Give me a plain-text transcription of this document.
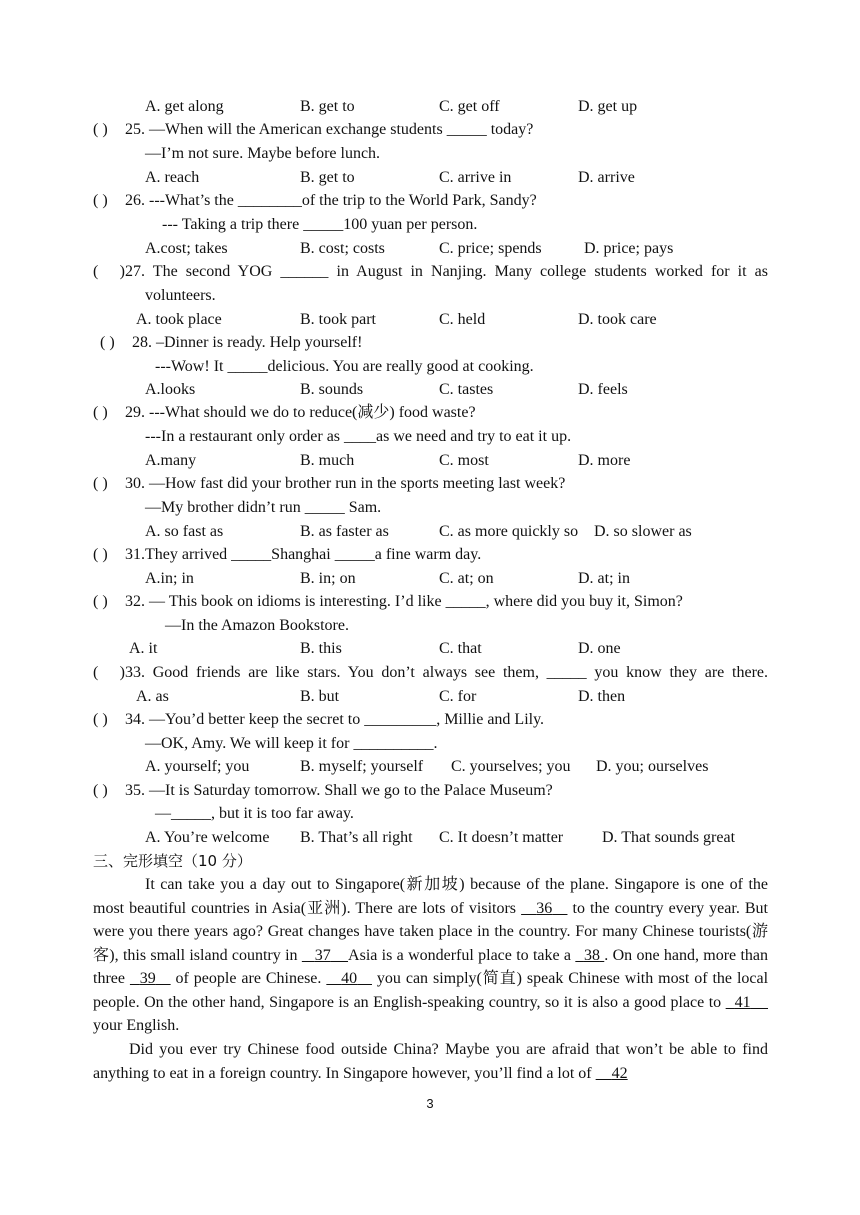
A. get along	B. get to	C. get off	D. get up
( ) 25. —When will the American exchange students _____ today?
—I’m not sure. Maybe before lunch.
A. reach	B. get to	C. arrive in	D. arrive
( ) 26. ---What’s the ________of the trip to the World Park, Sandy?
--- Taking a trip there _____100 yuan per person.
A.cost; takes	B. cost; costs	C. price; spends	D. price; pays
( )27. The second YOG ______ in August in Nanjing. Many college students worked for it as
volunteers.
A. took place	B. took part	C. held	D. took care
( ) 28. –Dinner is ready. Help yourself!
---Wow! It _____delicious. You are really good at cooking.
A.looks	B. sounds	C. tastes	D. feels
( ) 29. ---What should we do to reduce(减少) food waste?
---In a restaurant only order as ____as we need and try to eat it up.
A.many	B. much	C. most	D. more
( ) 30. —How fast did your brother run in the sports meeting last week?
—My brother didn’t run _____ Sam.
A. so fast as	B. as faster as	C. as more quickly so D. so slower as
( ) 31.They arrived _____Shanghai _____a fine warm day.
A.in; in	B. in; on	C. at; on	D. at; in
( ) 32. — This book on idioms is interesting. I’d like _____, where did you buy it, Simon?
—In the Amazon Bookstore.
A. it	B. this	C. that	D. one
( )33. Good friends are like stars. You don’t always see them, _____ you know they are there.
A. as	B. but	C. for	D. then
( ) 34. —You’d better keep the secret to _________, Millie and Lily.
—OK, Amy. We will keep it for __________.
A. yourself; you	B. myself; yourself C. yourselves; you D. you; ourselves
( ) 35. —It is Saturday tomorrow. Shall we go to the Palace Museum?
—_____, but it is too far away.
A. You’re welcome B. That’s all right C. It doesn’t matter D. That sounds great
三、完形填空（10 分）

It can take you a day out to Singapore(新加坡) because of the plane. Singapore is one of the most beautiful countries in Asia(亚洲). There are lots of visitors    36    to the country every year. But were you there years ago? Great changes have taken place in the country. For many Chinese tourists(游客), this small island country in    37 Asia is a wonderful place to take a   38 . On one hand, more than three   39    of people are Chinese.    40    you can simply(简直) speak Chinese with most of the local people. On the other hand, Singapore is an English-speaking country, so it is also a good place to   41     your English.

Did you ever try Chinese food outside China? Maybe you are afraid that won’t be able to find anything to eat in a foreign country. In Singapore however, you’ll find a lot of     42

3
